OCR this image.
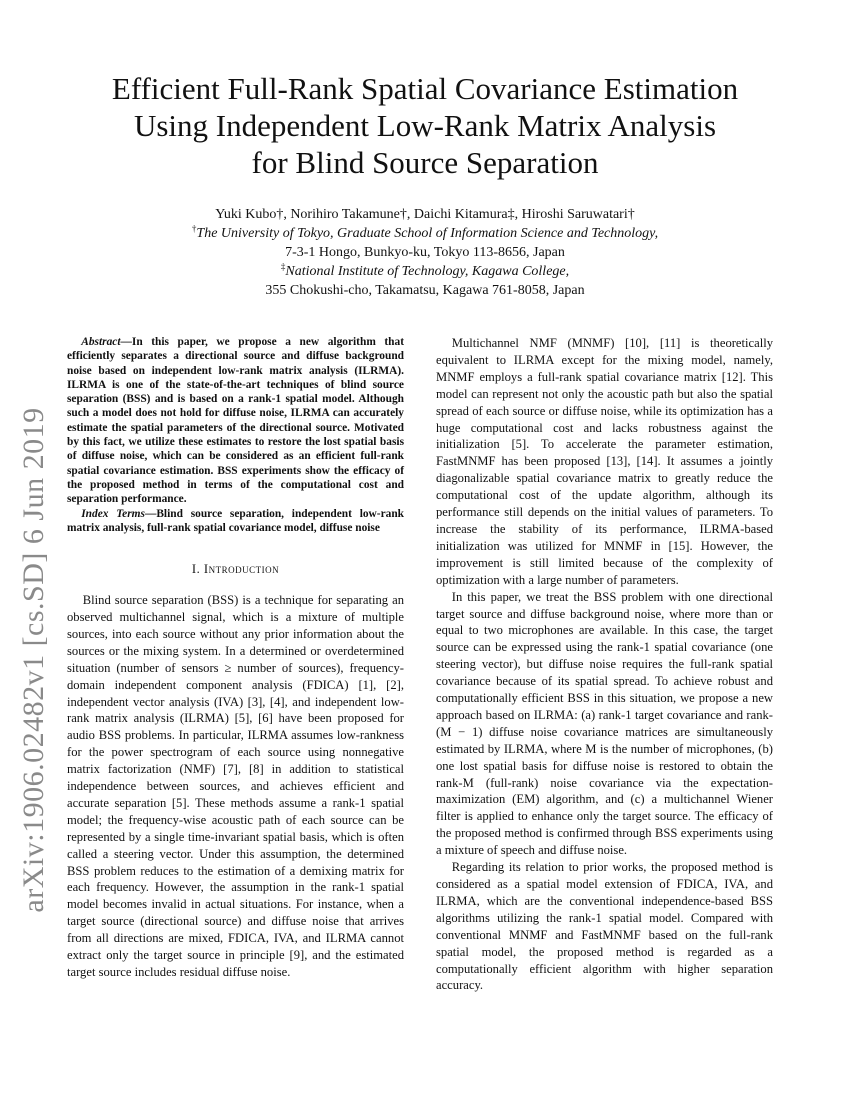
Efficient Full-Rank Spatial Covariance Estimation
Using Independent Low-Rank Matrix Analysis
for Blind Source Separation
Yuki Kubo†, Norihiro Takamune†, Daichi Kitamura‡, Hiroshi Saruwatari†
†The University of Tokyo, Graduate School of Information Science and Technology,
7-3-1 Hongo, Bunkyo-ku, Tokyo 113-8656, Japan
‡National Institute of Technology, Kagawa College,
355 Chokushi-cho, Takamatsu, Kagawa 761-8058, Japan
arXiv:1906.02482v1 [cs.SD] 6 Jun 2019

Abstract—In this paper, we propose a new algorithm that efficiently separates a directional source and diffuse background noise based on independent low-rank matrix analysis (ILRMA). ILRMA is one of the state-of-the-art techniques of blind source separation (BSS) and is based on a rank-1 spatial model. Although such a model does not hold for diffuse noise, ILRMA can accurately estimate the spatial parameters of the directional source. Motivated by this fact, we utilize these estimates to restore the lost spatial basis of diffuse noise, which can be considered as an efficient full-rank spatial covariance estimation. BSS experiments show the efficacy of the proposed method in terms of the computational cost and separation performance.

Index Terms—Blind source separation, independent low-rank matrix analysis, full-rank spatial covariance model, diffuse noise

I. Introduction

Blind source separation (BSS) is a technique for separating an observed multichannel signal, which is a mixture of multiple sources, into each source without any prior information about the sources or the mixing system. In a determined or overdetermined situation (number of sensors ≥ number of sources), frequency-domain independent component analysis (FDICA) [1], [2], independent vector analysis (IVA) [3], [4], and independent low-rank matrix analysis (ILRMA) [5], [6] have been proposed for audio BSS problems. In particular, ILRMA assumes low-rankness for the power spectrogram of each source using nonnegative matrix factorization (NMF) [7], [8] in addition to statistical independence between sources, and achieves efficient and accurate separation [5]. These methods assume a rank-1 spatial model; the frequency-wise acoustic path of each source can be represented by a single time-invariant spatial basis, which is often called a steering vector. Under this assumption, the determined BSS problem reduces to the estimation of a demixing matrix for each frequency. However, the assumption in the rank-1 spatial model becomes invalid in actual situations. For instance, when a target source (directional source) and diffuse noise that arrives from all directions are mixed, FDICA, IVA, and ILRMA cannot extract only the target source in principle [9], and the estimated target source includes residual diffuse noise.

Multichannel NMF (MNMF) [10], [11] is theoretically equivalent to ILRMA except for the mixing model, namely, MNMF employs a full-rank spatial covariance matrix [12]. This model can represent not only the acoustic path but also the spatial spread of each source or diffuse noise, while its optimization has a huge computational cost and lacks robustness against the initialization [5]. To accelerate the parameter estimation, FastMNMF has been proposed [13], [14]. It assumes a jointly diagonalizable spatial covariance matrix to greatly reduce the computational cost of the update algorithm, although its performance still depends on the initial values of parameters. To increase the stability of its performance, ILRMA-based initialization was utilized for MNMF in [15]. However, the improvement is still limited because of the complexity of optimization with a large number of parameters.

In this paper, we treat the BSS problem with one directional target source and diffuse background noise, where more than or equal to two microphones are available. In this case, the target source can be expressed using the rank-1 spatial covariance (one steering vector), but diffuse noise requires the full-rank spatial covariance because of its spatial spread. To achieve robust and computationally efficient BSS in this situation, we propose a new approach based on ILRMA: (a) rank-1 target covariance and rank-(M − 1) diffuse noise covariance matrices are simultaneously estimated by ILRMA, where M is the number of microphones, (b) one lost spatial basis for diffuse noise is restored to obtain the rank-M (full-rank) noise covariance via the expectation-maximization (EM) algorithm, and (c) a multichannel Wiener filter is applied to enhance only the target source. The efficacy of the proposed method is confirmed through BSS experiments using a mixture of speech and diffuse noise.

Regarding its relation to prior works, the proposed method is considered as a spatial model extension of FDICA, IVA, and ILRMA, which are the conventional independence-based BSS algorithms utilizing the rank-1 spatial model. Compared with conventional MNMF and FastMNMF based on the full-rank spatial model, the proposed method is regarded as a computationally efficient algorithm with higher separation accuracy.
